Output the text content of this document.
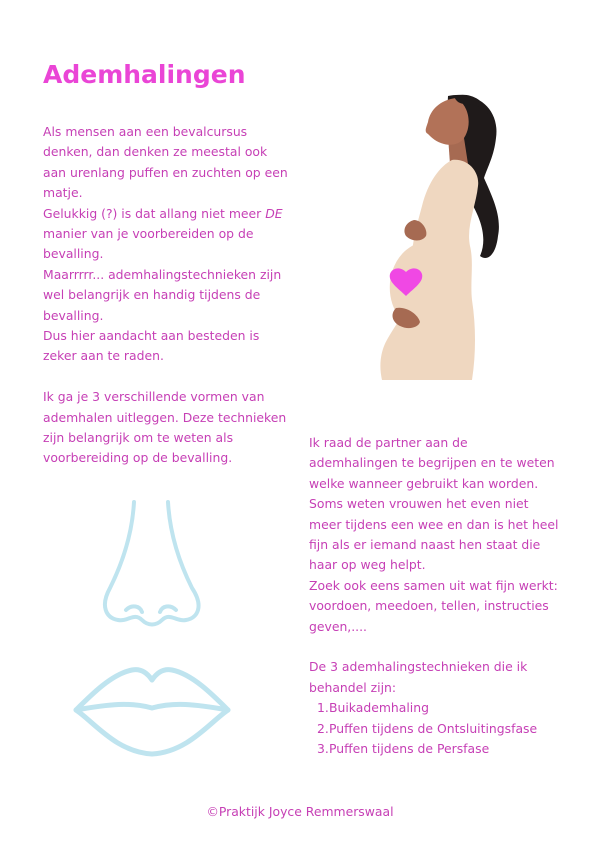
Ademhalingen

Als mensen aan een bevalcursus denken, dan denken ze meestal ook aan urenlang puffen en zuchten op een matje.

Gelukkig (?) is dat allang niet meer DE manier van je voorbereiden op de bevalling.

Maarrrrr... ademhalingstechnieken zijn wel belangrijk en handig tijdens de bevalling.

Dus hier aandacht aan besteden is zeker aan te raden.

Ik ga je 3 verschillende vormen van ademhalen uitleggen. Deze technieken zijn belangrijk om te weten als voorbereiding op de bevalling.

Ik raad de partner aan de ademhalingen te begrijpen en te weten welke wanneer gebruikt kan worden.

Soms weten vrouwen het even niet meer tijdens een wee en dan is het heel fijn als er iemand naast hen staat die haar op weg helpt.

Zoek ook eens samen uit wat fijn werkt: voordoen, meedoen, tellen, instructies geven,....

De 3 ademhalingstechnieken die ik behandel zijn:

1.Buikademhaling
2.Puffen tijdens de Ontsluitingsfase
3.Puffen tijdens de Persfase
©Praktijk Joyce Remmerswaal
